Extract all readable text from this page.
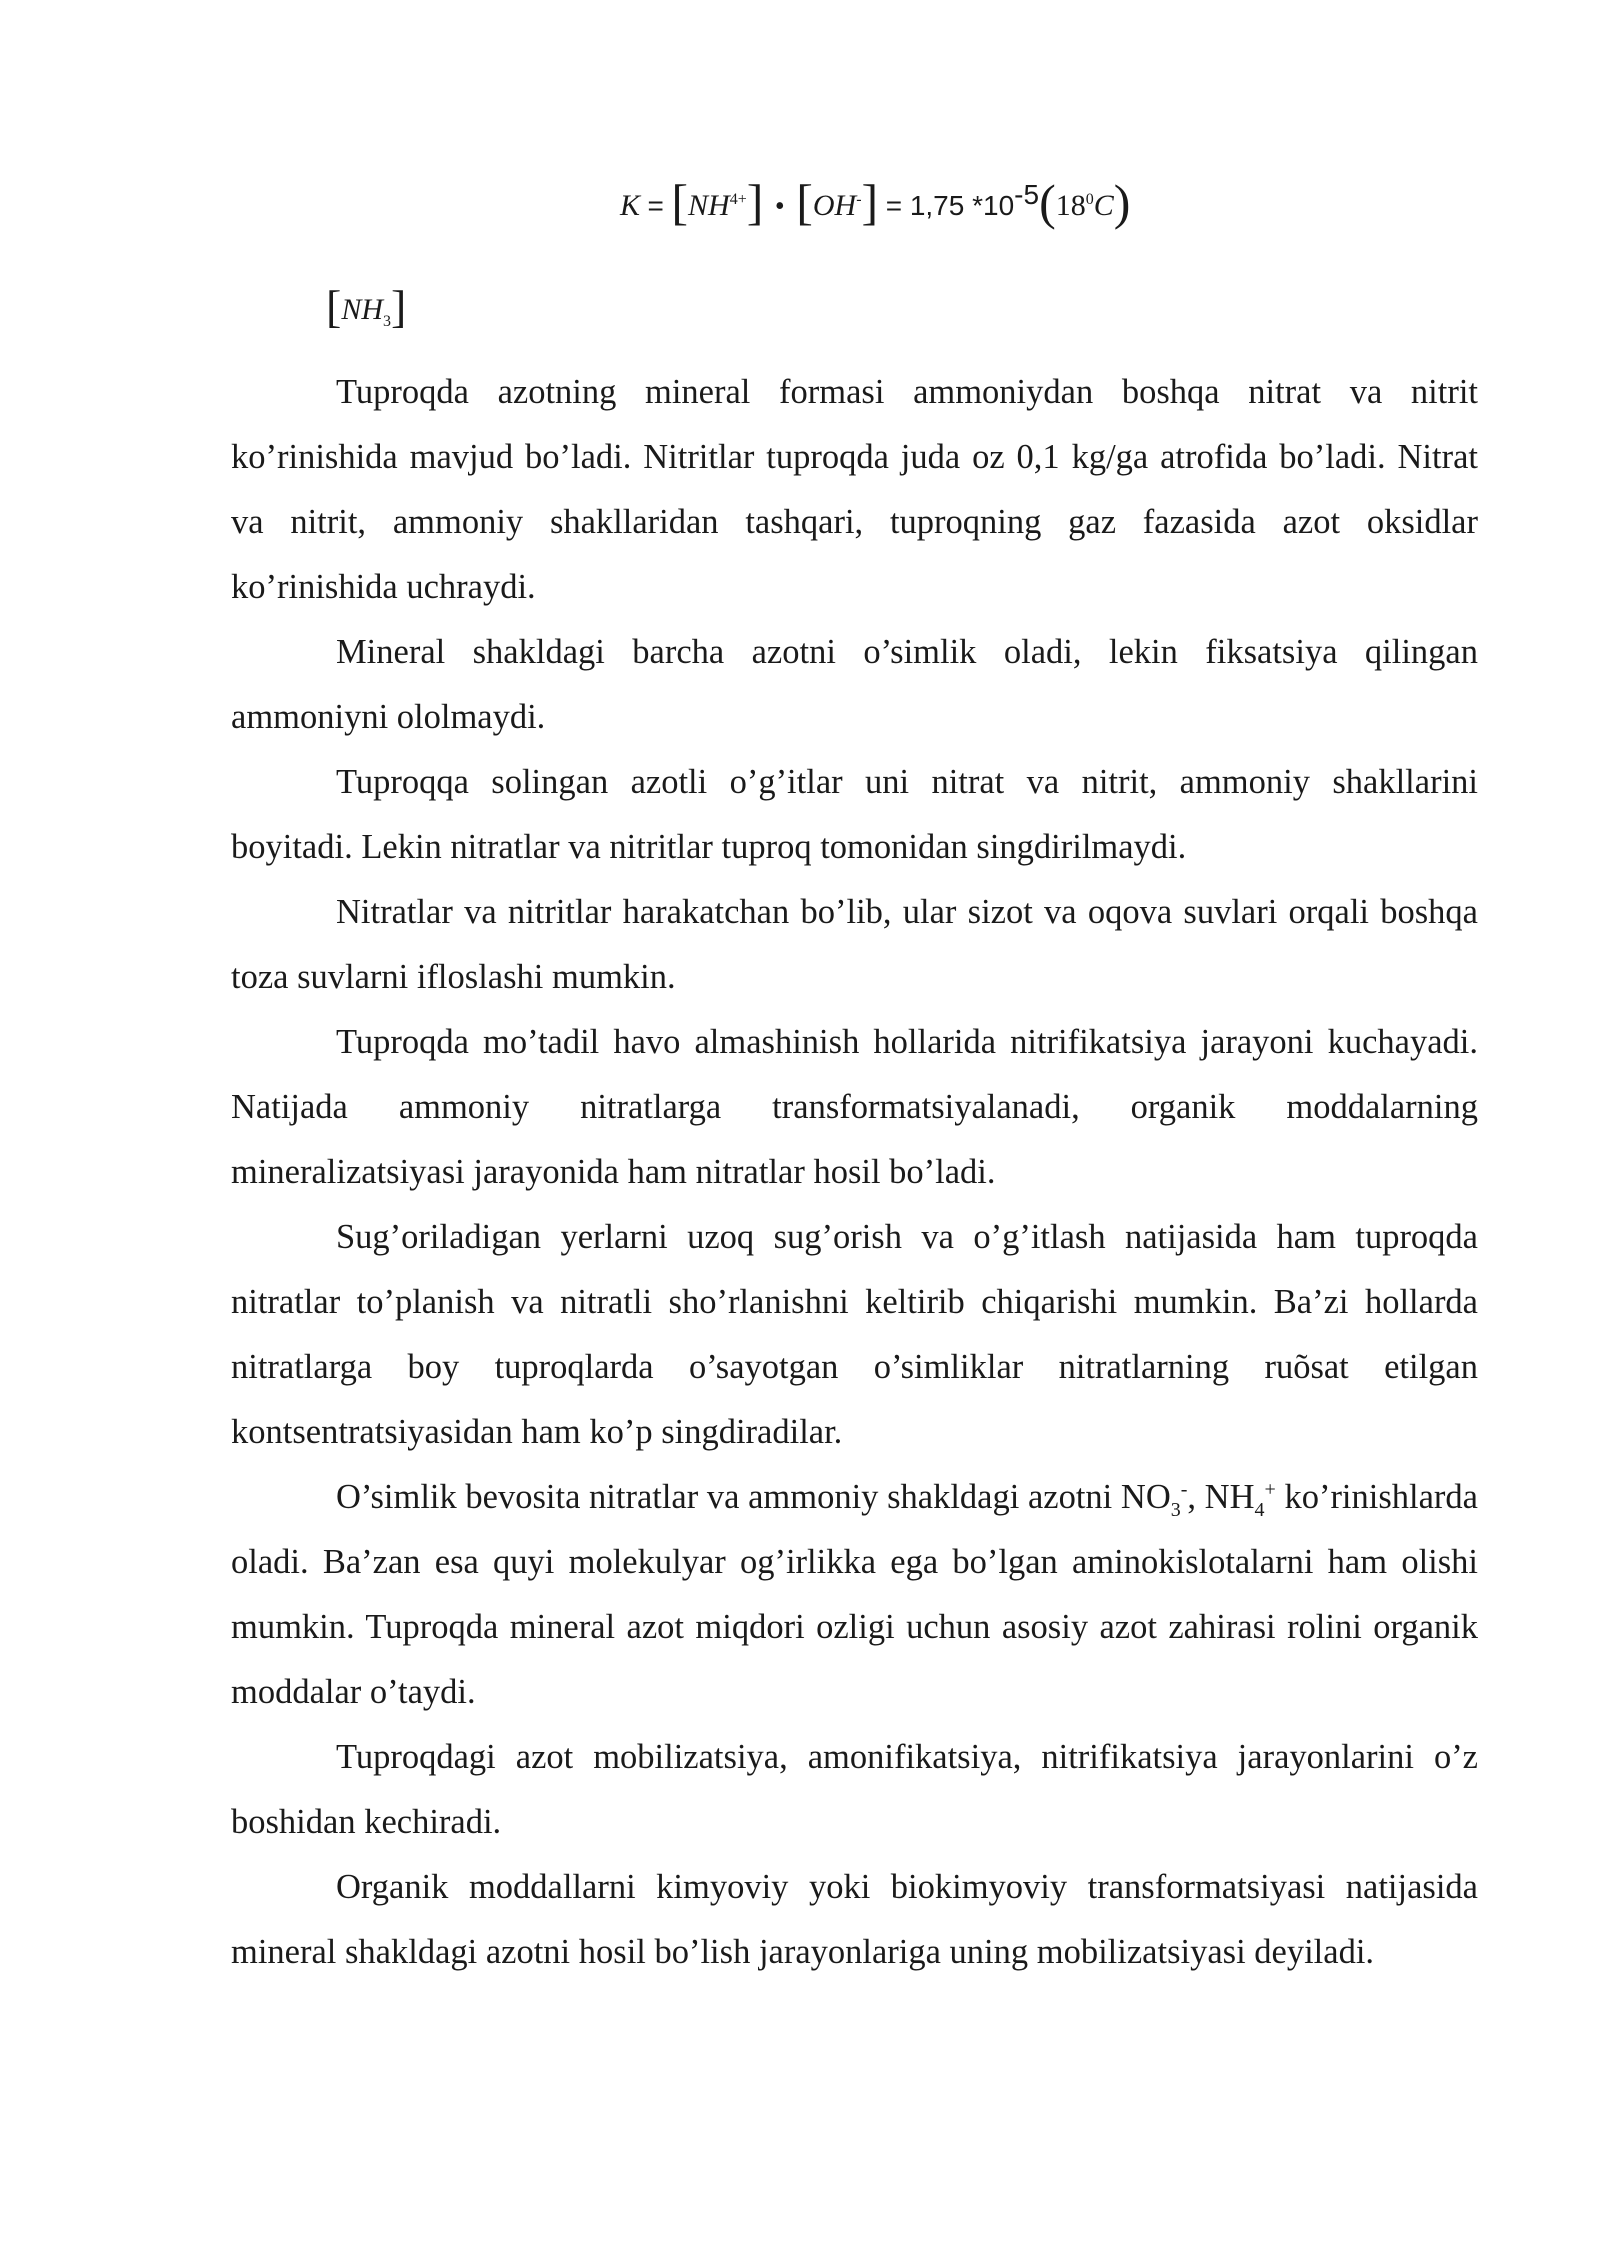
$K = [NH^{4+}]$ • [OH-] = 1,75 $*10^{-5}(18^0C)$
$[NH_3]$

Tuproqda azotning mineral formasi ammoniydan boshqa nitrat va nitrit ko’rinishida mavjud bo’ladi. Nitritlar tuproqda juda oz 0,1 kg/ga atrofida bo’ladi. Nitrat va nitrit, ammoniy shakllaridan tashqari, tuproqning gaz fazasida azot oksidlar ko’rinishida uchraydi.

Mineral shakldagi barcha azotni o’simlik oladi, lekin fiksatsiya qilingan ammoniyni ololmaydi.

Tuproqqa solingan azotli o’g’itlar uni nitrat va nitrit, ammoniy shakllarini boyitadi. Lekin nitratlar va nitritlar tuproq tomonidan singdirilmaydi.

Nitratlar va nitritlar harakatchan bo’lib, ular sizot va oqova suvlari orqali boshqa toza suvlarni ifloslashi mumkin.

Tuproqda mo’tadil havo almashinish hollarida nitrifikatsiya jarayoni kuchayadi. Natijada ammoniy nitratlarga transformatsiyalanadi, organik moddalarning mineralizatsiyasi jarayonida ham nitratlar hosil bo’ladi.

Sug’oriladigan yerlarni uzoq sug’orish va o’g’itlash natijasida ham tuproqda nitratlar to’planish va nitratli sho’rlanishni keltirib chiqarishi mumkin. Ba’zi hollarda nitratlarga boy tuproqlarda o’sayotgan o’simliklar nitratlarning ruõsat etilgan kontsentratsiyasidan ham ko’p singdiradilar.

O’simlik bevosita nitratlar va ammoniy shakldagi azotni $NO_3^-$, $NH_4^+$ ko’rinishlarda oladi. Ba’zan esa quyi molekulyar og’irlikka ega bo’lgan aminokislotalarni ham olishi mumkin. Tuproqda mineral azot miqdori ozligi uchun asosiy azot zahirasi rolini organik moddalar o’taydi.

Tuproqdagi azot mobilizatsiya, amonifikatsiya, nitrifikatsiya jarayonlarini o’z boshidan kechiradi.

Organik moddallarni kimyoviy yoki biokimyoviy transformatsiyasi natijasida mineral shakldagi azotni hosil bo’lish jarayonlariga uning mobilizatsiyasi deyiladi.
